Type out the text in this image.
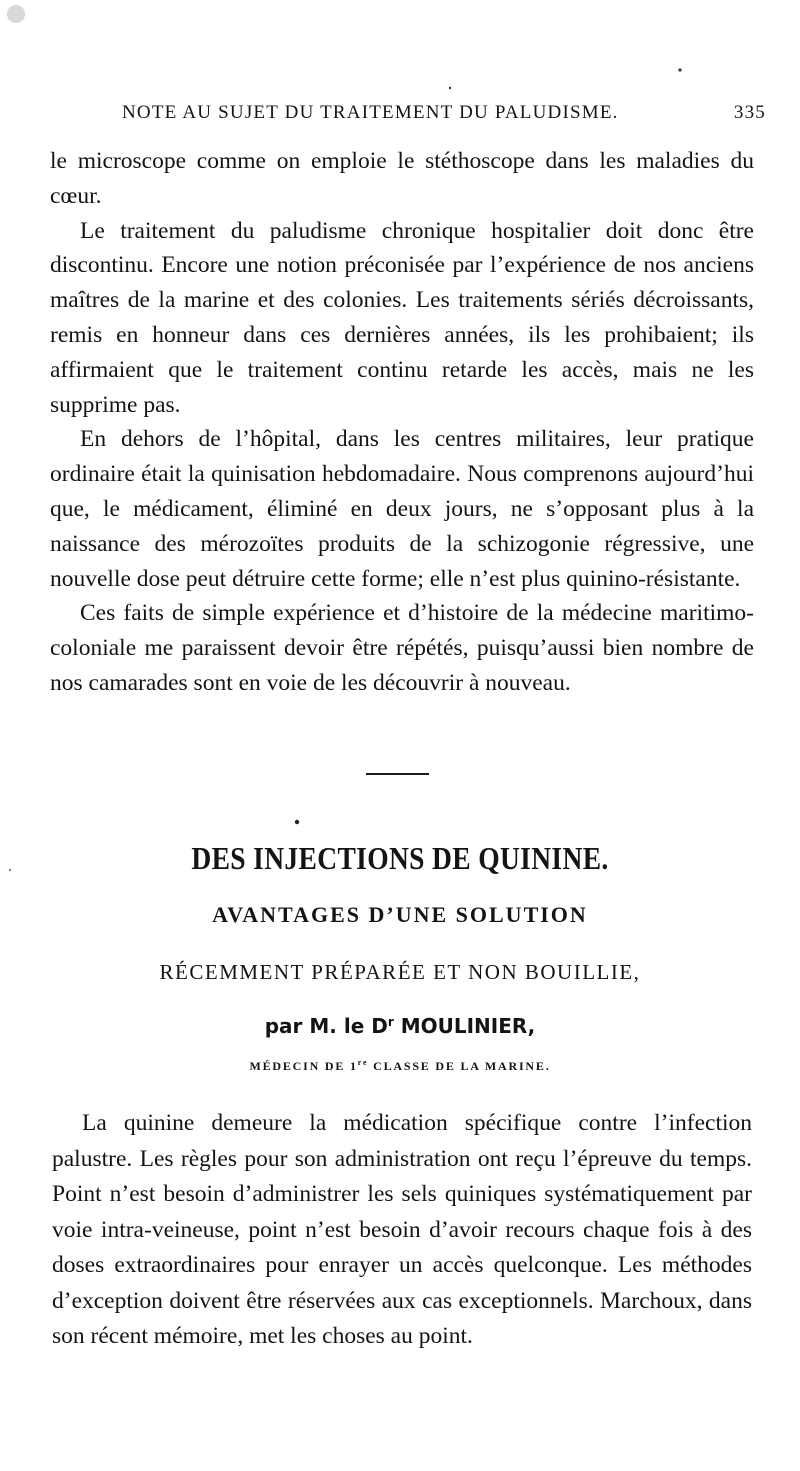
NOTE AU SUJET DU TRAITEMENT DU PALUDISME.	335

le microscope comme on emploie le stéthoscope dans les maladies du cœur.

Le traitement du paludisme chronique hospitalier doit donc être discontinu. Encore une notion préconisée par l’expérience de nos anciens maîtres de la marine et des colonies. Les traitements sériés décroissants, remis en honneur dans ces dernières années, ils les prohibaient; ils affirmaient que le traitement continu retarde les accès, mais ne les supprime pas.

En dehors de l’hôpital, dans les centres militaires, leur pratique ordinaire était la quinisation hebdomadaire. Nous comprenons aujourd’hui que, le médicament, éliminé en deux jours, ne s’opposant plus à la naissance des mérozoïtes produits de la schizogonie régressive, une nouvelle dose peut détruire cette forme; elle n’est plus quinino-résistante.

Ces faits de simple expérience et d’histoire de la médecine maritimo-coloniale me paraissent devoir être répétés, puisqu’aussi bien nombre de nos camarades sont en voie de les découvrir à nouveau.

DES INJECTIONS DE QUININE.
AVANTAGES D’UNE SOLUTION
RÉCEMMENT PRÉPARÉE ET NON BOUILLIE,
par M. le $D^r$ MOULINIER,
MÉDECIN DE 1re CLASSE DE LA MARINE.

La quinine demeure la médication spécifique contre l’infection palustre. Les règles pour son administration ont reçu l’épreuve du temps. Point n’est besoin d’administrer les sels quiniques systématiquement par voie intra-veineuse, point n’est besoin d’avoir recours chaque fois à des doses extraordinaires pour enrayer un accès quelconque. Les méthodes d’exception doivent être réservées aux cas exceptionnels. Marchoux, dans son récent mémoire, met les choses au point.
